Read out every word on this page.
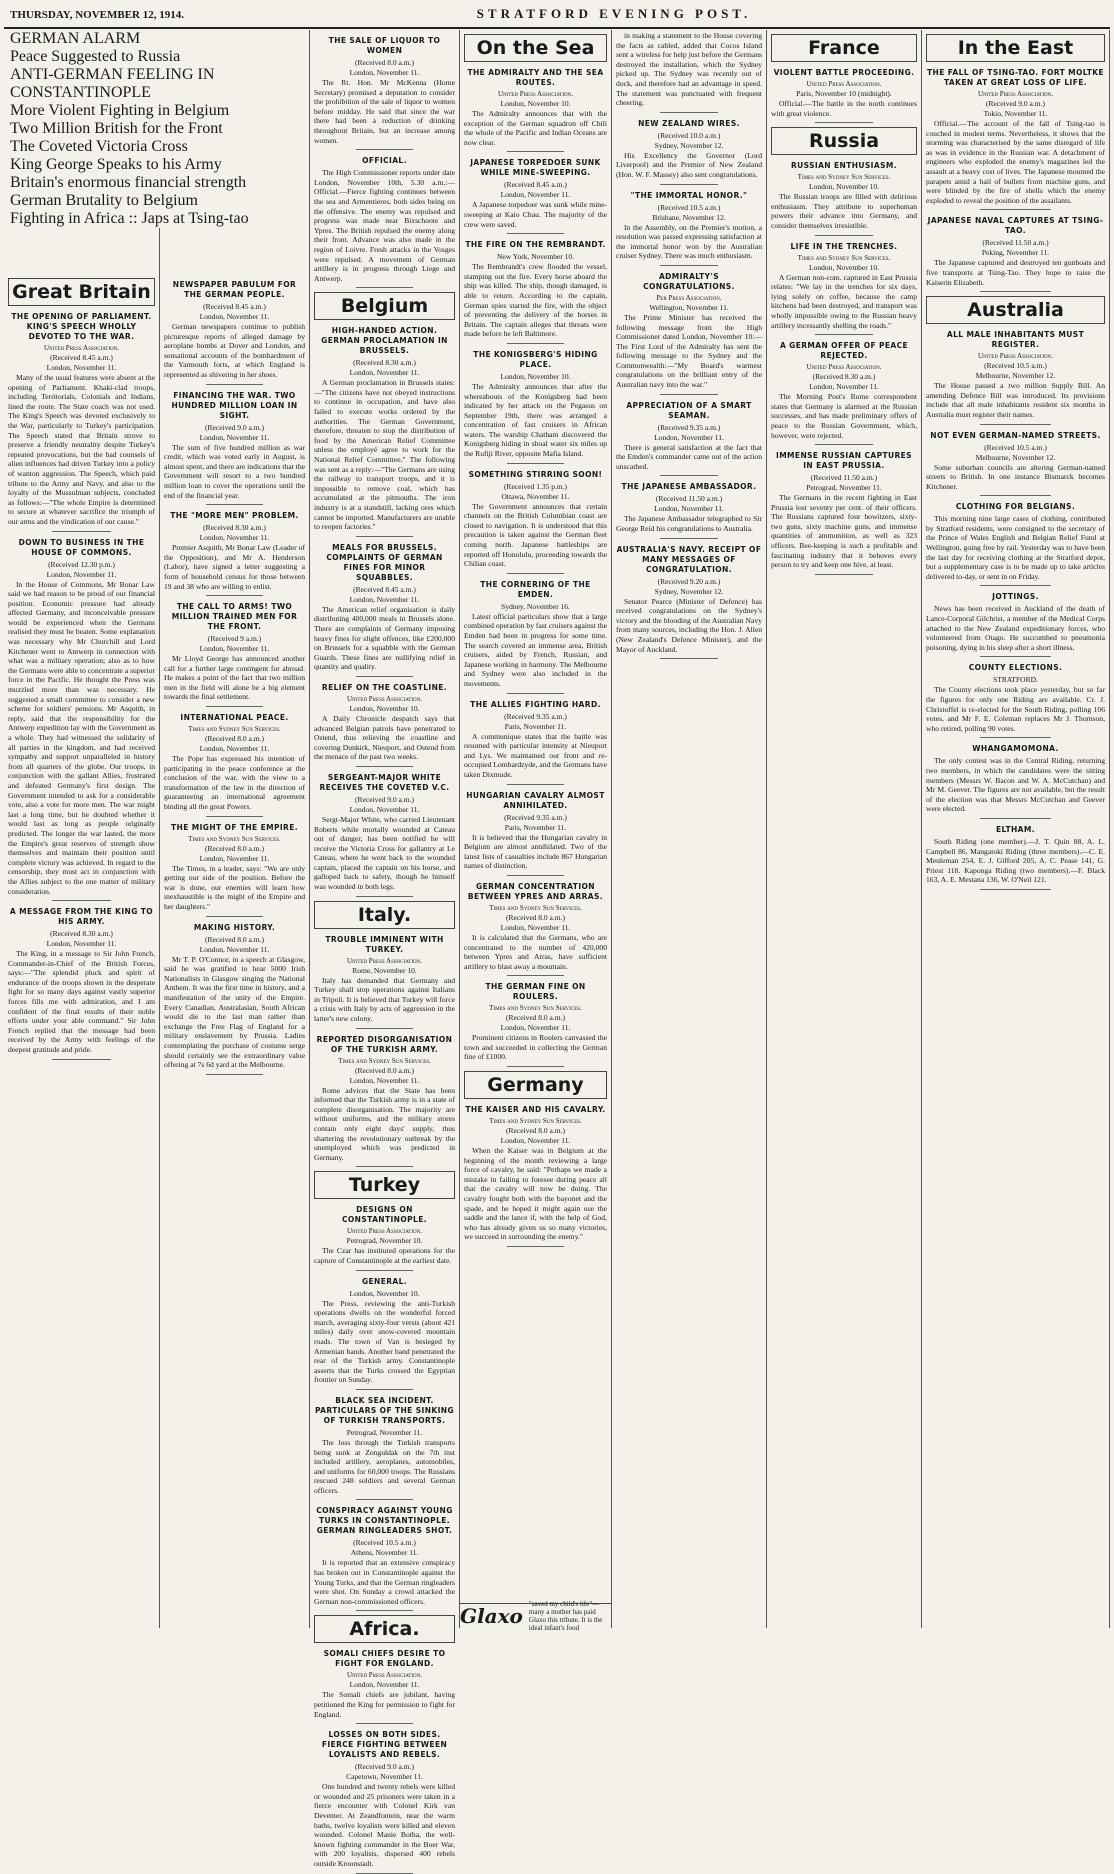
THURSDAY, NOVEMBER 12, 1914.	STRATFORD EVENING POST.
Great Britain
THE OPENING OF PARLIAMENT. KING'S SPEECH WHOLLY DEVOTED TO THE WAR.
United Press Association.
(Received 8.45 a.m.)
London, November 11.
Many of the usual features were absent at the opening of Parliament. Khaki-clad troops, including Territorials, Colonials and Indians, lined the route. The State coach was not used. The King's Speech was devoted exclusively to the War, particularly to Turkey's participation. The Speech stated that Britain strove to preserve a friendly neutrality despite Turkey's repeated provocations, but the bad counsels of alien influences had driven Turkey into a policy of wanton aggression. The Speech, which paid tribute to the Army and Navy, and also to the loyalty of the Mussulman subjects, concluded as follows:—"The whole Empire is determined to secure at whatever sacrifice the triumph of our arms and the vindication of our cause."
DOWN TO BUSINESS IN THE HOUSE OF COMMONS.
(Received 12.30 p.m.)
London, November 11.
In the House of Commons, Mr Bonar Law said we had reason to be proud of our financial position. Economic pressure had already affected Germany, and inconceivable pressure would be experienced when the Germans realised they must be beaten. Some explanation was necessary why Mr Churchill and Lord Kitchener went to Antwerp in connection with what was a military operation; also as to how the Germans were able to concentrate a superior force in the Pacific. He thought the Press was muzzled more than was necessary. He suggested a small committee to consider a new scheme for soldiers' pensions. Mr Asquith, in reply, said that the responsibility for the Antwerp expedition lay with the Government as a whole. They had witnessed the solidarity of all parties in the kingdom, and had received sympathy and support unparalleled in history from all quarters of the globe. Our troops, in conjunction with the gallant Allies, frustrated and defeated Germany's first design. The Government intended to ask for a considerable vote, also a vote for more men. The war might last a long time, but he doubted whether it would last as long as people originally predicted. The longer the war lasted, the more the Empire's great reserves of strength show themselves and maintain their position until complete victory was achieved. In regard to the censorship, they must act in conjunction with the Allies subject to the one matter of military consideration.
A MESSAGE FROM THE KING TO HIS ARMY.
(Received 8.30 a.m.)
London, November 11.
The King, in a message to Sir John French, Commander-in-Chief of the British Forces, says:—"The splendid pluck and spirit of endurance of the troops shown in the desperate fight for so many days against vastly superior forces fills me with admiration, and I am confident of the final results of their noble efforts under your able command." Sir John French replied that the message had been received by the Army with feelings of the deepest gratitude and pride.
NEWSPAPER PABULUM FOR THE GERMAN PEOPLE.
(Received 8.45 a.m.)
London, November 11.
German newspapers continue to publish picturesque reports of alleged damage by aeroplane bombs at Dover and London, and sensational accounts of the bombardment of the Yarmouth forts, at which England is represented as shivering in her shoes.
FINANCING THE WAR. TWO HUNDRED MILLION LOAN IN SIGHT.
(Received 9.0 a.m.)
London, November 11.
The sum of five hundred million as war credit, which was voted early in August, is almost spent, and there are indications that the Government will resort to a two hundred million loan to cover the operations until the end of the financial year.
THE "MORE MEN" PROBLEM.
(Received 8.30 a.m.)
London, November 11.
Premier Asquith, Mr Bonar Law (Leader of the Opposition), and Mr A. Henderson (Labor), have signed a letter suggesting a form of household census for those between 19 and 38 who are willing to enlist.
THE CALL TO ARMS! TWO MILLION TRAINED MEN FOR THE FRONT.
(Received 9 a.m.)
London, November 11.
Mr Lloyd George has announced another call for a further large contingent for abroad. He makes a point of the fact that two million men in the field will alone be a big element towards the final settlement.
INTERNATIONAL PEACE.
Times and Sydney Sun Services.
(Received 8.0 a.m.)
London, November 11.
The Pope has expressed his intention of participating in the peace conference at the conclusion of the war, with the view to a transformation of the law in the direction of guaranteeing an international agreement binding all the great Powers.
THE MIGHT OF THE EMPIRE.
Times and Sydney Sun Services.
(Received 8.0 a.m.)
London, November 11.
The Times, in a leader, says: "We are only getting our side of the position. Before the war is done, our enemies will learn how inexhaustible is the might of the Empire and her daughters."
MAKING HISTORY.
(Received 8.0 a.m.)
London, November 11.
Mr T. P. O'Connor, in a speech at Glasgow, said he was gratified to hear 5000 Irish Nationalists in Glasgow singing the National Anthem. It was the first time in history, and a manifestation of the unity of the Empire. Every Canadian, Australasian, South African would die to the last man rather than exchange the Free Flag of England for a military enslavement by Prussia. Ladies contemplating the purchase of costume serge should certainly see the extraordinary value offering at 7s 6d yard at the Melbourne.
THE SALE OF LIQUOR TO WOMEN
(Received 8.0 a.m.)
London, November 11.
The Rt. Hon. Mr McKenna (Home Secretary) promised a deputation to consider the prohibition of the sale of liquor to women before midday. He said that since the war there had been a reduction of drinking throughout Britain, but an increase among women.
OFFICIAL.
The High Commissioner reports under date London, November 10th, 5.30 a.m.:— Official.—Fierce fighting continues between the sea and Armentieres, both sides being on the offensive. The enemy was repulsed and progress was made near Bixschoote and Ypres. The British repulsed the enemy along their front. Advance was also made in the region of Loivre. Fresh attacks in the Vosges were repulsed. A movement of German artillery is in progress through Liege and Antwerp.
Belgium
HIGH-HANDED ACTION. GERMAN PROCLAMATION IN BRUSSELS.
(Received 8.30 a.m.)
London, November 11.
A German proclamation in Brussels states:—"The citizens have not obeyed instructions to continue in occupation, and have also failed to execute works ordered by the authorities. The German Government, therefore, threaten to stop the distribution of food by the American Relief Committee unless the employé agree to work for the National Relief Committee." The following was sent as a reply:—"The Germans are using the railway to transport troops, and it is impossible to remove coal, which has accumulated at the pitmouths. The iron industry is at a standstill, lacking ores which cannot be imported. Manufacturers are unable to reopen factories."
MEALS FOR BRUSSELS. COMPLAINTS OF GERMAN FINES FOR MINOR SQUABBLES.
(Received 8.45 a.m.)
London, November 11.
The American relief organisation is daily distributing 400,000 meals in Brussels alone. There are complaints of Germany imposing heavy fines for slight offences, like £200,000 on Brussels for a squabble with the German Guards. These fines are nullifying relief in quantity and quality.
RELIEF ON THE COASTLINE.
United Press Association.
London, November 10.
A Daily Chronicle despatch says that advanced Belgian patrols have penetrated to Ostend, thus relieving the coastline and covering Dunkirk, Nieuport, and Ostend from the menace of the past two weeks.
SERGEANT-MAJOR WHITE RECEIVES THE COVETED V.C.
(Received 9.0 a.m.)
London, November 11.
Sergt-Major White, who carried Lieutenant Roberts while mortally wounded at Cateau out of danger, has been notified he will receive the Victoria Cross for gallantry at Le Cateau, where he went back to the wounded captain, placed the captain on his horse, and galloped back to safety, though he himself was wounded in both legs.
Italy.
TROUBLE IMMINENT WITH TURKEY.
United Press Association.
Rome, November 10.
Italy has demanded that Germany and Turkey shall stop operations against Italians in Tripoli. It is believed that Turkey will force a crisis with Italy by acts of aggression in the latter's new colony.
REPORTED DISORGANISATION OF THE TURKISH ARMY.
Times and Sydney Sun Services.
(Received 8.0 a.m.)
London, November 11.
Rome advices that the State has been informed that the Turkish army is in a state of complete disorganisation. The majority are without uniforms, and the military stores contain only eight days' supply, thus shattering the revolutionary outbreak by the unemployed which was predicted in Germany.
Turkey
DESIGNS ON CONSTANTINOPLE.
United Press Association.
Petrograd, November 10.
The Czar has instituted operations for the capture of Constantinople at the earliest date.
GENERAL.
London, November 10.
The Press, reviewing the anti-Turkish operations dwells on the wonderful forced march, averaging sixty-four versts (about 421 miles) daily over snow-covered mountain roads. The town of Van is besieged by Armenian bands. Another band penetrated the rear of the Turkish army. Constantinople asserts that the Turks crossed the Egyptian frontier on Sunday.
BLACK SEA INCIDENT. PARTICULARS OF THE SINKING OF TURKISH TRANSPORTS.
Petrograd, November 11.
The loss through the Turkish transports being sunk at Zonguldak on the 7th inst included artillery, aeroplanes, automobiles, and uniforms for 60,000 troops. The Russians rescued 248 soldiers and several German officers.
CONSPIRACY AGAINST YOUNG TURKS IN CONSTANTINOPLE. GERMAN RINGLEADERS SHOT.
(Received 10.5 a.m.)
Athens, November 11.
It is reported that an extensive conspiracy has broken out in Constantinople against the Young Turks, and that the German ringleaders were shot. On Sunday a crowd attacked the German non-commissioned officers.
Africa.
SOMALI CHIEFS DESIRE TO FIGHT FOR ENGLAND.
United Press Association.
London, November 11.
The Somali chiefs are jubilant, having petitioned the King for permission to fight for England.
LOSSES ON BOTH SIDES. FIERCE FIGHTING BETWEEN LOYALISTS AND REBELS.
(Received 9.0 a.m.)
Capetown, November 11.
One hundred and twenty rebels were killed or wounded and 25 prisoners were taken in a fierce encounter with Colonel Kirk van Deventer. At Zeandfontein, near the warm baths, twelve loyalists were killed and eleven wounded. Colonel Manie Botha, the well-known fighting commander in the Boer War, with 200 loyalists, dispersed 400 rebels outside Kroonstadt.
On the Sea
THE ADMIRALTY AND THE SEA ROUTES.
United Press Association.
London, November 10.
The Admiralty announces that with the exception of the German squadron off Chili the whole of the Pacific and Indian Oceans are now clear.
JAPANESE TORPEDOER SUNK WHILE MINE-SWEEPING.
(Received 8.45 a.m.)
London, November 11.
A Japanese torpedoer was sunk while mine-sweeping at Kaio Chau. The majority of the crew were saved.
THE FIRE ON THE REMBRANDT.
New York, November 10.
The Rembrandt's crew flooded the vessel, stamping out the fire. Every horse aboard the ship was killed. The ship, though damaged, is able to return. According to the captain, German spies started the fire, with the object of preventing the delivery of the horses in Britain. The captain alleges that threats were made before he left Baltimore.
THE KONIGSBERG'S HIDING PLACE.
London, November 10.
The Admiralty announces that after the whereabouts of the Konigsberg had been indicated by her attack on the Pegasus on September 19th, there was arranged a concentration of fast cruisers in African waters. The warship Chatham discovered the Konigsberg hiding in shoal water six miles up the Rufiji River, opposite Mafia Island.
SOMETHING STIRRING SOON!
(Received 1.35 p.m.)
Ottawa, November 11.
The Government announces that certain channels on the British Columbian coast are closed to navigation. It is understood that this precaution is taken against the German fleet coming north. Japanese battleships are reported off Honolulu, proceeding towards the Chilian coast.
THE CORNERING OF THE EMDEN.
Sydney, November 16.
Latest official particulars show that a large combined operation by fast cruisers against the Emden had been in progress for some time. The search covered an immense area, British cruisers, aided by French, Russian, and Japanese working in harmony. The Melbourne and Sydney were also included in the movements.
THE ALLIES FIGHTING HARD.
(Received 9.35 a.m.)
Paris, November 11.
A communique states that the battle was resumed with particular intensity at Nieuport and Lys. We maintained our front and re-occupied Lombardzyde, and the Germans have taken Dixmude.
HUNGARIAN CAVALRY ALMOST ANNIHILATED.
(Received 9.35 a.m.)
Paris, November 11.
It is believed that the Hungarian cavalry in Belgium are almost annihilated. Two of the latest lists of casualties include 867 Hungarian names of distinction.
GERMAN CONCENTRATION BETWEEN YPRES AND ARRAS.
Times and Sydney Sun Services.
(Received 8.0 a.m.)
London, November 11.
It is calculated that the Germans, who are concentrated to the number of 420,000 between Ypres and Arras, have sufficient artillery to blast away a mountain.
THE GERMAN FINE ON ROULERS.
Times and Sydney Sun Services.
(Received 8.0 a.m.)
London, November 11.
Prominent citizens in Roulers canvassed the town and succeeded in collecting the German fine of £1000.
Germany
THE KAISER AND HIS CAVALRY.
Times and Sydney Sun Services.
(Received 8.0 a.m.)
London, November 11.
When the Kaiser was in Belgium at the beginning of the month reviewing a large force of cavalry, he said: "Perhaps we made a mistake in failing to foresee during peace all that the cavalry will now be doing. The cavalry fought both with the bayonet and the spade, and he hoped it might again use the saddle and the lance if, with the help of God, who has already given us so many victories, we succeed in surrounding the enemy."
Glaxo "saved my child's life"— many a mother has paid Glaxo this tribute. It is the ideal infant's food
in making a statement to the House covering the facts as cabled, added that Cocos Island sent a wireless for help just before the Germans destroyed the installation, which the Sydney picked up. The Sydney was recently out of dock, and therefore had an advantage in speed. The statement was punctuated with frequent cheering.
NEW ZEALAND WIRES.
(Received 10.0 a.m.)
Sydney, November 12.
His Excellency the Governor (Lord Liverpool) and the Premier of New Zealand (Hon. W. F. Massey) also sent congratulations.
"THE IMMORTAL HONOR."
(Received 10.5 a.m.)
Brisbane, November 12.
In the Assembly, on the Premier's motion, a resolution was passed expressing satisfaction at the immortal honor won by the Australian cruiser Sydney. There was much enthusiasm.
ADMIRALTY'S CONGRATULATIONS.
Per Press Association.
Wellington, November 11.
The Prime Minister has received the following message from the High Commissioner dated London, November 10:—The First Lord of the Admiralty has sent the following message to the Sydney and the Commonwealth:—"My Board's warmest congratulations on the brilliant entry of the Australian navy into the war."
APPRECIATION OF A SMART SEAMAN.
(Received 9.35 a.m.)
London, November 11.
There is general satisfaction at the fact that the Emden's commander came out of the action unscathed.
THE JAPANESE AMBASSADOR.
(Received 11.50 a.m.)
London, November 11.
The Japanese Ambassador telegraphed to Sir George Reid his congratulations to Australia.
AUSTRALIA'S NAVY. RECEIPT OF MANY MESSAGES OF CONGRATULATION.
(Received 9.20 a.m.)
Sydney, November 12.
Senator Pearce (Minister of Defence) has received congratulations on the Sydney's victory and the blooding of the Australian Navy from many sources, including the Hon. J. Allen (New Zealand's Defence Minister), and the Mayor of Auckland.
France
VIOLENT BATTLE PROCEEDING.
United Press Association.
Paris, November 10 (midnight).
Official.—The battle in the north continues with great violence.
Russia
RUSSIAN ENTHUSIASM.
Times and Sydney Sun Services.
London, November 10.
The Russian troops are filled with delirious enthusiasm. They attribute to superhuman powers their advance into Germany, and consider themselves irresistible.
LIFE IN THE TRENCHES.
Times and Sydney Sun Services.
London, November 10.
A German non-com. captured in East Prussia relates: "We lay in the trenches for six days, lying solely on coffee, because the camp kitchens had been destroyed, and transport was wholly impossible owing to the Russian heavy artillery incessantly shelling the roads."
A GERMAN OFFER OF PEACE REJECTED.
United Press Association.
(Received 8.30 a.m.)
London, November 11.
The Morning Post's Rome correspondent states that Germany is alarmed at the Russian successes, and has made preliminary offers of peace to the Russian Government, which, however, were rejected.
IMMENSE RUSSIAN CAPTURES IN EAST PRUSSIA.
(Received 11.50 a.m.)
Petrograd, November 11.
The Germans in the recent fighting in East Prussia lost seventy per cent. of their officers. The Russians captured four howitzers, sixty-two guns, sixty machine guns, and immense quantities of ammunition, as well as 323 officers. Bee-keeping is such a profitable and fascinating industry that it behoves every person to try and keep one hive, at least.
In the East
THE FALL OF TSING-TAO. FORT MOLTKE TAKEN AT GREAT LOSS OF LIFE.
United Press Association.
(Received 9.0 a.m.)
Tokio, November 11.
Official.—The account of the fall of Tsing-tao is couched in modest terms. Nevertheless, it shows that the storming was characterised by the same disregard of life as was in evidence in the Russian war. A detachment of engineers who exploded the enemy's magazines led the assault at a heavy cost of lives. The Japanese mounted the parapets amid a hail of bullets from machine guns, and were blinded by the fire of shells which the enemy exploded to reveal the position of the assailants.
JAPANESE NAVAL CAPTURES AT TSING-TAO.
(Received 11.50 a.m.)
Peking, November 11.
The Japanese captured and destroyed ten gunboats and five transports at Tsing-Tao. They hope to raise the Kaiserin Elizabeth.
Australia
ALL MALE INHABITANTS MUST REGISTER.
United Press Association.
(Received 10.5 a.m.)
Melbourne, November 12.
The House passed a two million Supply Bill. An amending Defence Bill was introduced. Its provisions include that all male inhabitants resident six months in Australia must register their names.
NOT EVEN GERMAN-NAMED STREETS.
(Received 10.5 a.m.)
Melbourne, November 12.
Some suburban councils are altering German-named streets to British. In one instance Bismarck becomes Kitchener.
CLOTHING FOR BELGIANS.
This morning nine large cases of clothing, contributed by Stratford residents, were consigned to the secretary of the Prince of Wales English and Belgian Relief Fund at Wellington, going free by rail. Yesterday was to have been the last day for receiving clothing at the Stratford depot, but a supplementary case is to be made up to take articles delivered to-day, or sent in on Friday.
JOTTINGS.
News has been received in Auckland of the death of Lance-Corporal Gilchrist, a member of the Medical Corps attached to the New Zealand expeditionary forces, who volunteered from Otago. He succumbed to pneumonia poisoning, dying in his sleep after a short illness.
COUNTY ELECTIONS.
STRATFORD.
The County elections took place yesterday, but so far the figures for only one Riding are available. Cr. J. Christoffel is re-elected for the South Riding, polling 106 votes, and Mr F. E. Coleman replaces Mr J. Thomson, who retired, polling 90 votes.
WHANGAMOMONA.
The only contest was in the Central Riding, returning two members, in which the candidates were the sitting members (Messrs W. Bacon and W. A. McCutchan) and Mr M. Geever. The figures are not available, but the result of the election was that Messrs McCutchan and Geever were elected.
ELTHAM.
South Riding (one member).—J. T. Quin 88, A. L. Campbell 86, Mangatoki Riding (three members).—C. E. Meuleman 254, E. J. Gifford 205, A. C. Pease 141, G. Priest 118. Kaponga Riding (two members).—F. Black 163, A. E. Mestana 136, W. O'Neil 121.
GERMAN ALARM
Peace Suggested to Russia
ANTI-GERMAN FEELING IN CONSTANTINOPLE
More Violent Fighting in Belgium
Two Million British for the Front
The Coveted Victoria Cross
King George Speaks to his Army
Britain's enormous financial strength
German Brutality to Belgium
Fighting in Africa :: Japs at Tsing-tao
